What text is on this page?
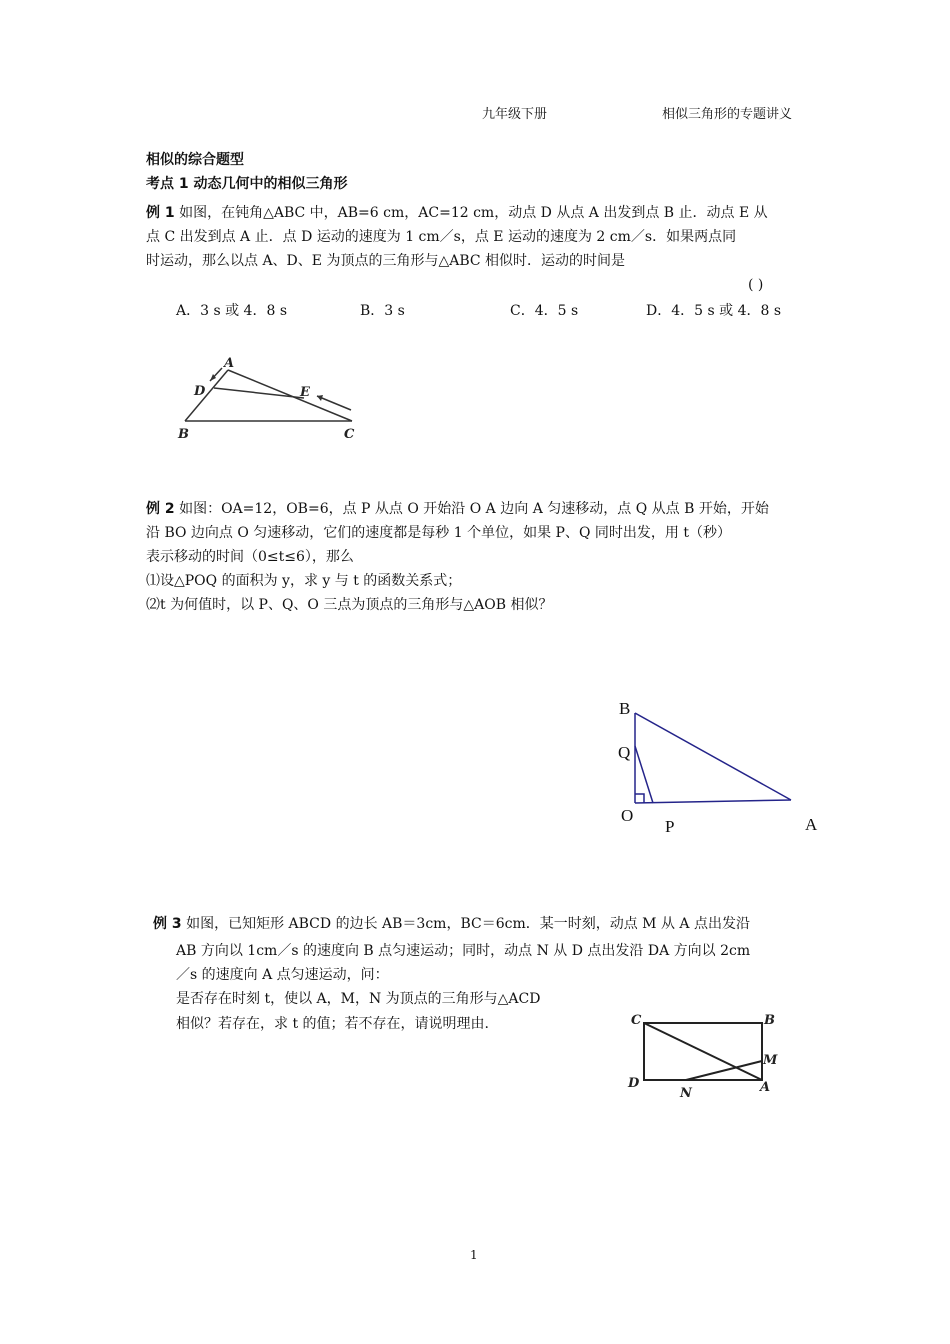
九年级下册	相似三角形的专题讲义
相似的综合题型
考点 1 动态几何中的相似三角形
例 1 如图，在钝角△ABC 中，AB=6 cm，AC=12 cm，动点 D 从点 A 出发到点 B 止．动点 E 从
点 C 出发到点 A 止．点 D 运动的速度为 1 cm／s，点 E 运动的速度为 2 cm／s．如果两点同
时运动，那么以点 A、D、E 为顶点的三角形与△ABC 相似时．运动的时间是
( )
A．3 s 或 4．8 s	B．3 s	C．4．5 s	D．4．5 s 或 4．8 s
A
D	E
B	C
例 2 如图：OA=12，OB=6，点 P 从点 O 开始沿 O A 边向 A 匀速移动，点 Q 从点 B 开始，开始
沿 BO 边向点 O 匀速移动，它们的速度都是每秒 1 个单位，如果 P、Q 同时出发，用 t（秒）
表示移动的时间（0≤t≤6），那么
⑴设△POQ 的面积为 y，求 y 与 t 的函数关系式；
⑵t 为何值时，以 P、Q、O 三点为顶点的三角形与△AOB 相似？
B
Q
O
P	A
例 3 如图，已知矩形 ABCD 的边长 AB＝3cm，BC＝6cm．某一时刻，动点 M 从 A 点出发沿
AB 方向以 1cm／s 的速度向 B 点匀速运动；同时，动点 N 从 D 点出发沿 DA 方向以 2cm
／s 的速度向 A 点匀速运动，问：
是否存在时刻 t，使以 A，M，N 为顶点的三角形与△ACD
相似？若存在，求 t 的值；若不存在，请说明理由.	C	B
M
D
N	A
1
